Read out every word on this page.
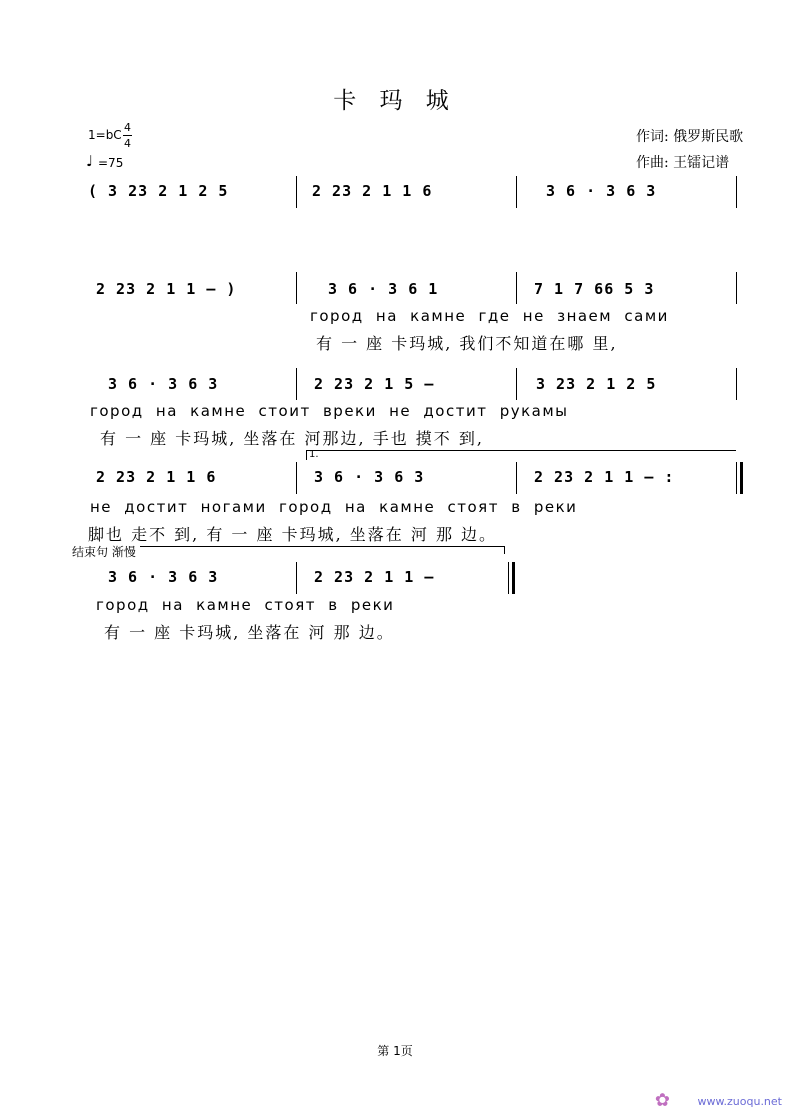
卡 玛 城
1=bC
4
4
♩ =75
作词: 俄罗斯民歌
作曲: 王镭记谱
( 3 23 2 1 2 5	2 23 2 1 1 6	3 6 · 3 6 3
2 23 2 1 1 – )	3 6 · 3 6 1	7 1 7 66 5 3
город на камне где не знаем сами
有 一 座 卡玛城, 我们不知道在哪 里,
3 6 · 3 6 3	2 23 2 1 5 –	3 23 2 1 2 5
город на камне стоит вреки не достит рукамы
有 一 座 卡玛城, 坐落在 河那边, 手也 摸不 到,
1.
2 23 2 1 1 6	3 6 · 3 6 3	2 23 2 1 1 – :
не достит ногами город на камне стоят в реки
脚也 走不 到, 有 一 座 卡玛城, 坐落在 河 那 边。
结束句 渐慢
3 6 · 3 6 3	2 23 2 1 1 –
город на камне стоят в реки
有 一 座 卡玛城, 坐落在 河 那 边。
第 1页
✿	www.zuoqu.net
